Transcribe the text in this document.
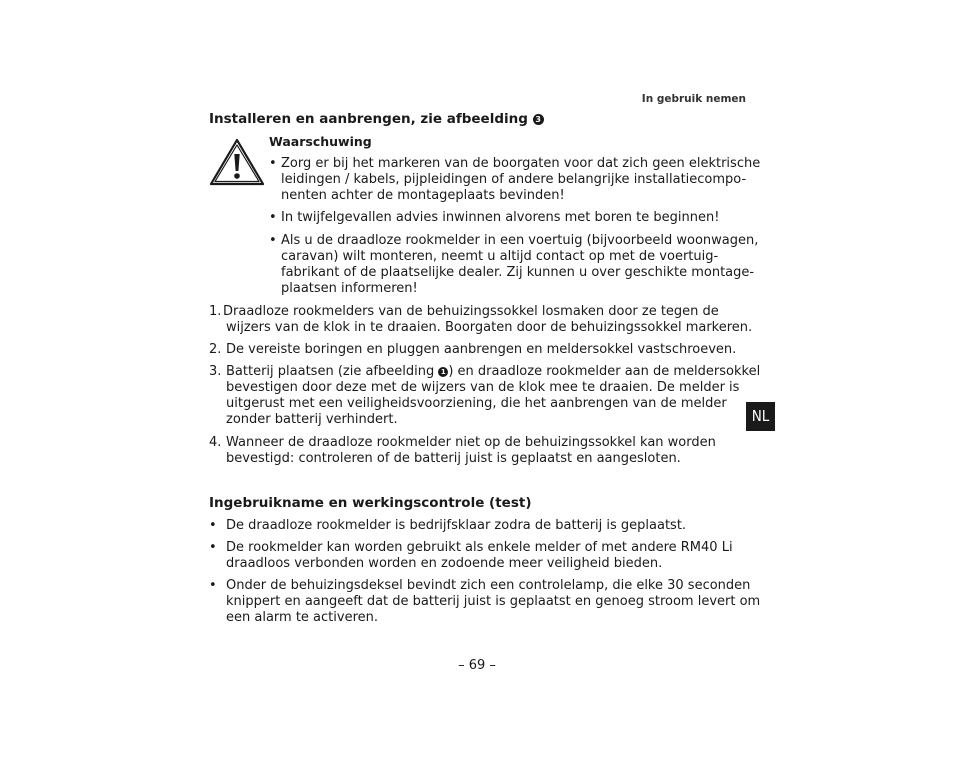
In gebruik nemen
Installeren en aanbrengen, zie afbeelding 3
Waarschuwing
• Zorg er bij het markeren van de boorgaten voor dat zich geen elektrische
leidingen / kabels, pijpleidingen of andere belangrijke installatiecompo-
nenten achter de montageplaats bevinden!
• In twijfelgevallen advies inwinnen alvorens met boren te beginnen!
• Als u de draadloze rookmelder in een voertuig (bijvoorbeeld woonwagen,
caravan) wilt monteren, neemt u altijd contact op met de voertuig-
fabrikant of de plaatselijke dealer. Zij kunnen u over geschikte montage-
plaatsen informeren!
1. Draadloze rookmelders van de behuizingssokkel losmaken door ze tegen de
wijzers van de klok in te draaien. Boorgaten door de behuizingssokkel markeren.
2. De vereiste boringen en pluggen aanbrengen en meldersokkel vastschroeven.
3. Batterij plaatsen (zie afbeelding 1 ) en draadloze rookmelder aan de meldersokkel
bevestigen door deze met de wijzers van de klok mee te draaien. De melder is
uitgerust met een veiligheidsvoorziening, die het aanbrengen van de melder
zonder batterij verhindert.
4. Wanneer de draadloze rookmelder niet op de behuizingssokkel kan worden
bevestigd: controleren of de batterij juist is geplaatst en aangesloten.
Ingebruikname en werkingscontrole (test)
• De draadloze rookmelder is bedrijfsklaar zodra de batterij is geplaatst.
• De rookmelder kan worden gebruikt als enkele melder of met andere RM40 Li
draadloos verbonden worden en zodoende meer veiligheid bieden.
• Onder de behuizingsdeksel bevindt zich een controlelamp, die elke 30 seconden
knippert en aangeeft dat de batterij juist is geplaatst en genoeg stroom levert om
een alarm te activeren.
NL
– 69 –
